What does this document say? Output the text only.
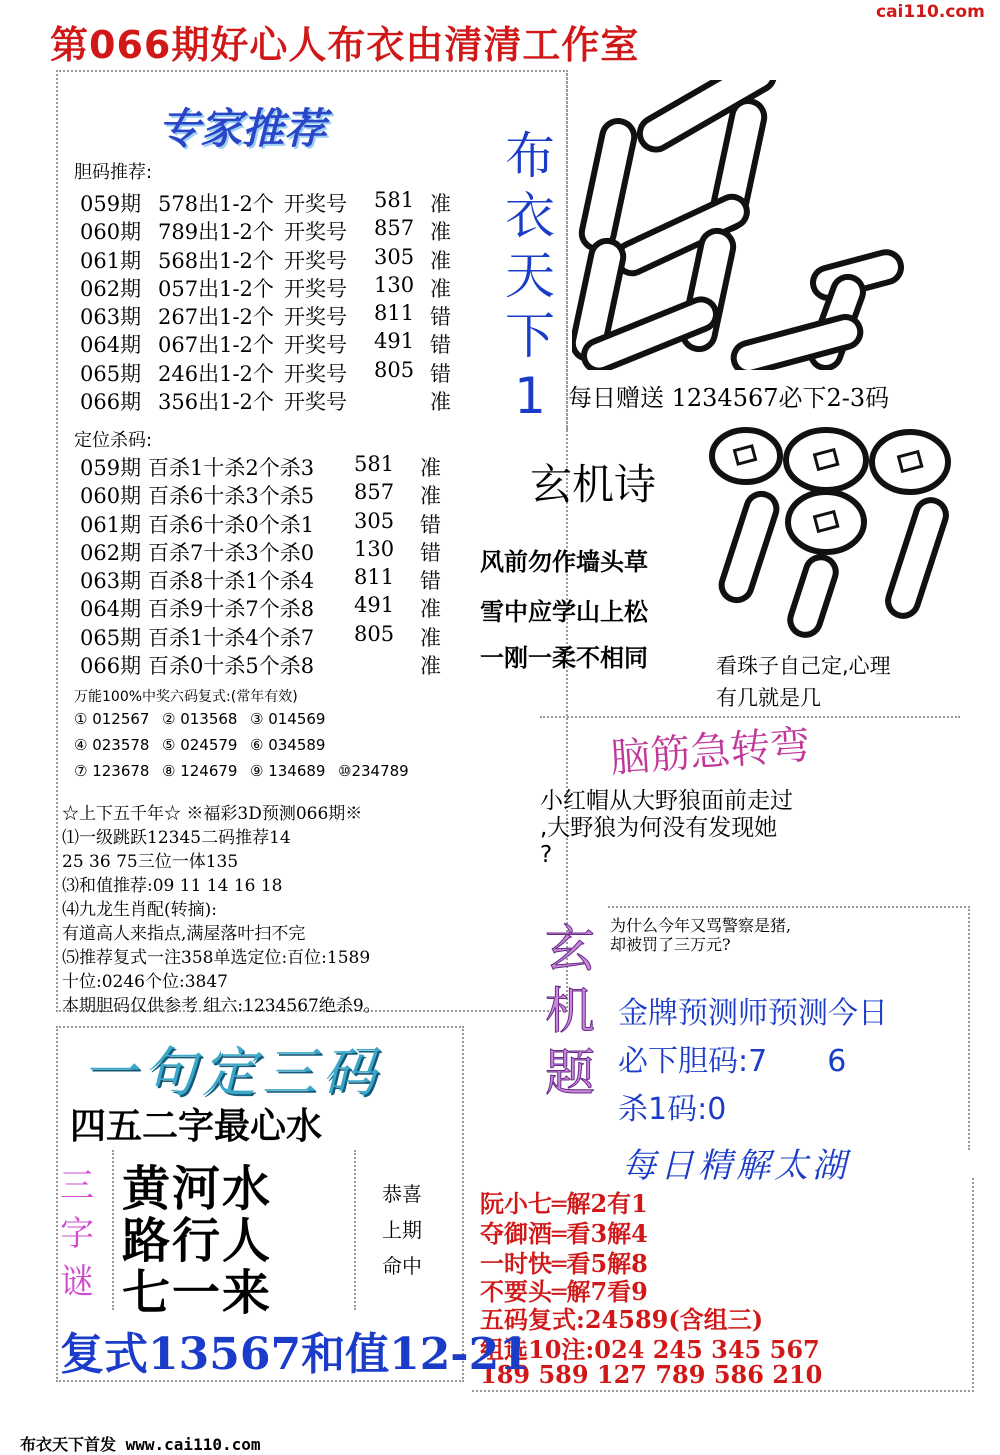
第066期好心人布衣由清清工作室
cai110.com
专家推荐
胆码推荐:
059期 578出1-2个 开奖号	581 准
060期 789出1-2个 开奖号	857 准
061期 568出1-2个 开奖号	305 准
062期 057出1-2个 开奖号	130 准
063期 267出1-2个 开奖号	811 错
064期 067出1-2个 开奖号	491 错
065期 246出1-2个 开奖号	805 错
066期 356出1-2个 开奖号	准
定位杀码:
059期 百杀1十杀2个杀3	581	准
060期 百杀6十杀3个杀5	857	准
061期 百杀6十杀0个杀1	305	错
062期 百杀7十杀3个杀0	130	错
063期 百杀8十杀1个杀4	811	错
064期 百杀9十杀7个杀8	491	准
065期 百杀1十杀4个杀7	805	准
066期 百杀0十杀5个杀8	准
万能100%中奖六码复式:(常年有效)
① 012567 ② 013568 ③ 014569
④ 023578 ⑤ 024579 ⑥ 034589
⑦ 123678 ⑧ 124679 ⑨ 134689 ⑩234789
☆上下五千年☆ ※福彩3D预测066期※
⑴一级跳跃12345二码推荐14
25 36 75三位一体135
⑶和值推荐:09 11 14 16 18
⑷九龙生肖配(转摘):
有道高人来指点,满屋落叶扫不完
⑸推荐复式一注358单选定位:百位:1589
十位:0246个位:3847
本期胆码仅供参考 组六:1234567绝杀9。
布
衣
天
下
1 每日赠送 1234567必下2-3码
玄机诗
风前勿作墙头草
雪中应学山上松
一刚一柔不相同	看珠子自己定,心理
有几就是几
脑筋急转弯
小红帽从大野狼面前走过
,大野狼为何没有发现她
?
玄
机
题
为什么今年又骂警察是猪,
却被罚了三万元?
金牌预测师预测今日
必下胆码:7　　6
杀1码:0
每日精解太湖
阮小七═解2有1
夺御酒═看3解4
一时快═看5解8
不要头═解7看9
五码复式:24589(含组三)
组选10注:024 245 345 567
189 589 127 789 586 210
一句定三码
四五二字最心水
三
字
谜
黄河水
路行人
七一来
恭喜
上期
命中
复式13567和值12-21
布衣天下首发 www.cai110.com
